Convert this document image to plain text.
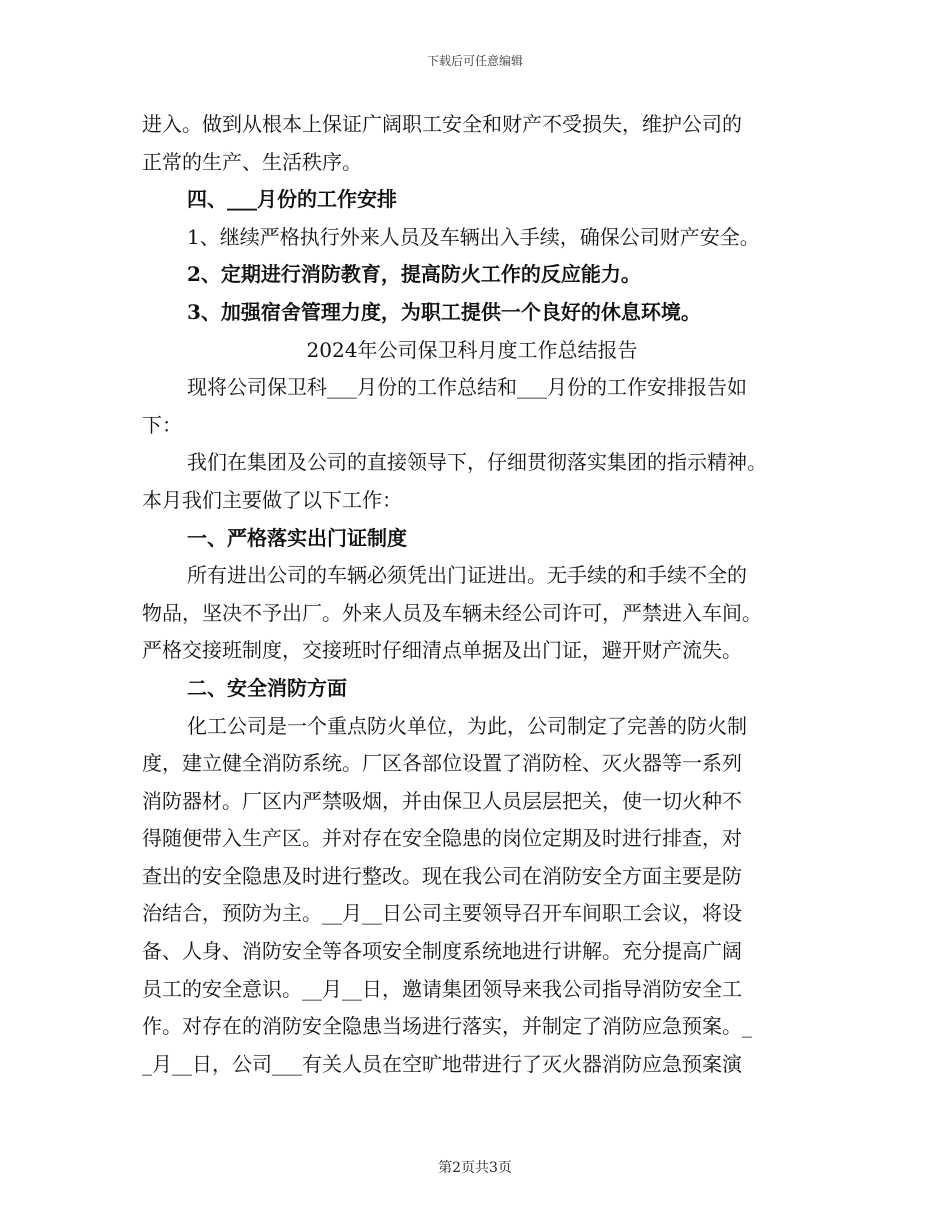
下载后可任意编辑
进入。做到从根本上保证广阔职工安全和财产不受损失，维护公司的
正常的生产、生活秩序。
四、___月份的工作安排
1、继续严格执行外来人员及车辆出入手续，确保公司财产安全。
2、定期进行消防教育，提高防火工作的反应能力。
3、加强宿舍管理力度，为职工提供一个良好的休息环境。
2024年公司保卫科月度工作总结报告
现将公司保卫科___月份的工作总结和___月份的工作安排报告如
下：
我们在集团及公司的直接领导下，仔细贯彻落实集团的指示精神。
本月我们主要做了以下工作：
一、严格落实出门证制度
所有进出公司的车辆必须凭出门证进出。无手续的和手续不全的
物品，坚决不予出厂。外来人员及车辆未经公司许可，严禁进入车间。
严格交接班制度，交接班时仔细清点单据及出门证，避开财产流失。
二、安全消防方面
化工公司是一个重点防火单位，为此，公司制定了完善的防火制
度，建立健全消防系统。厂区各部位设置了消防栓、灭火器等一系列
消防器材。厂区内严禁吸烟，并由保卫人员层层把关，使一切火种不
得随便带入生产区。并对存在安全隐患的岗位定期及时进行排查，对
查出的安全隐患及时进行整改。现在我公司在消防安全方面主要是防
治结合，预防为主。__月__日公司主要领导召开车间职工会议，将设
备、人身、消防安全等各项安全制度系统地进行讲解。充分提高广阔
员工的安全意识。__月__日，邀请集团领导来我公司指导消防安全工
作。对存在的消防安全隐患当场进行落实，并制定了消防应急预案。_
_月__日，公司___有关人员在空旷地带进行了灭火器消防应急预案演
第2页共3页
